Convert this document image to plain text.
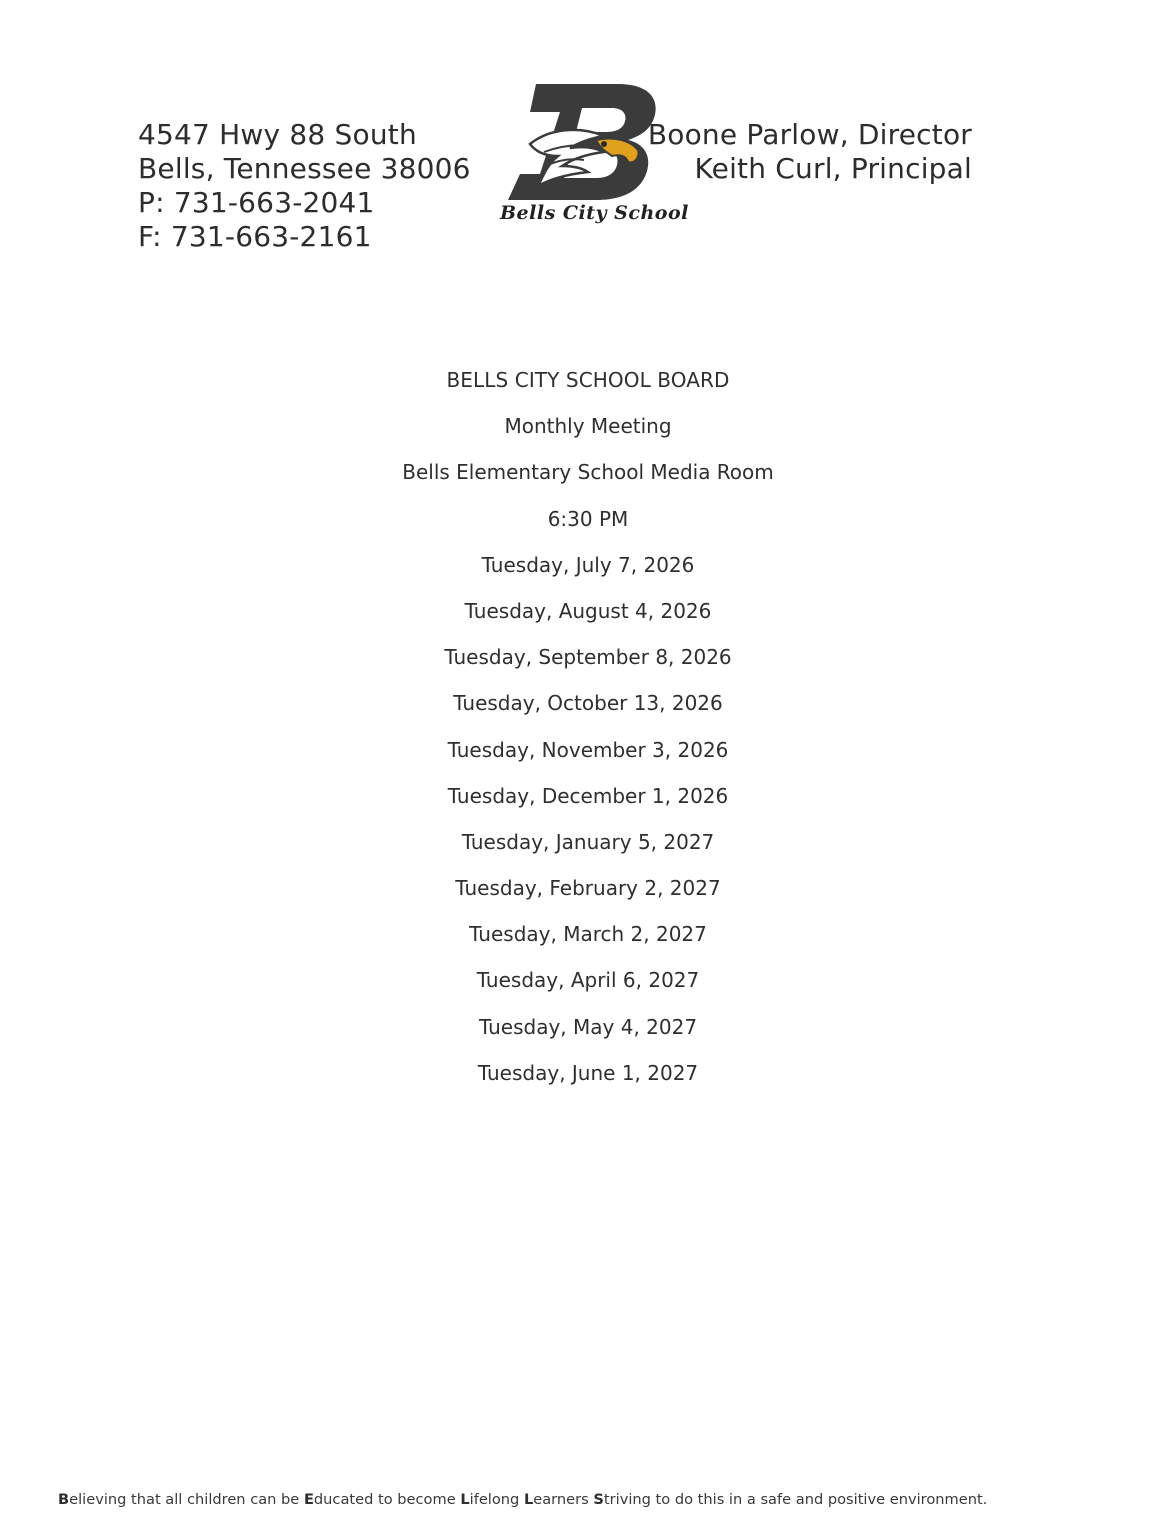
4547 Hwy 88 South
Bells, Tennessee 38006
P: 731-663-2041
F: 731-663-2161
Bells City School
Boone Parlow, Director
Keith Curl, Principal
BELLS CITY SCHOOL BOARD
Monthly Meeting
Bells Elementary School Media Room
6:30 PM
Tuesday, July 7, 2026
Tuesday, August 4, 2026
Tuesday, September 8, 2026
Tuesday, October 13, 2026
Tuesday, November 3, 2026
Tuesday, December 1, 2026
Tuesday, January 5, 2027
Tuesday, February 2, 2027
Tuesday, March 2, 2027
Tuesday, April 6, 2027
Tuesday, May 4, 2027
Tuesday, June 1, 2027
Believing that all children can be Educated to become Lifelong Learners Striving to do this in a safe and positive environment.
